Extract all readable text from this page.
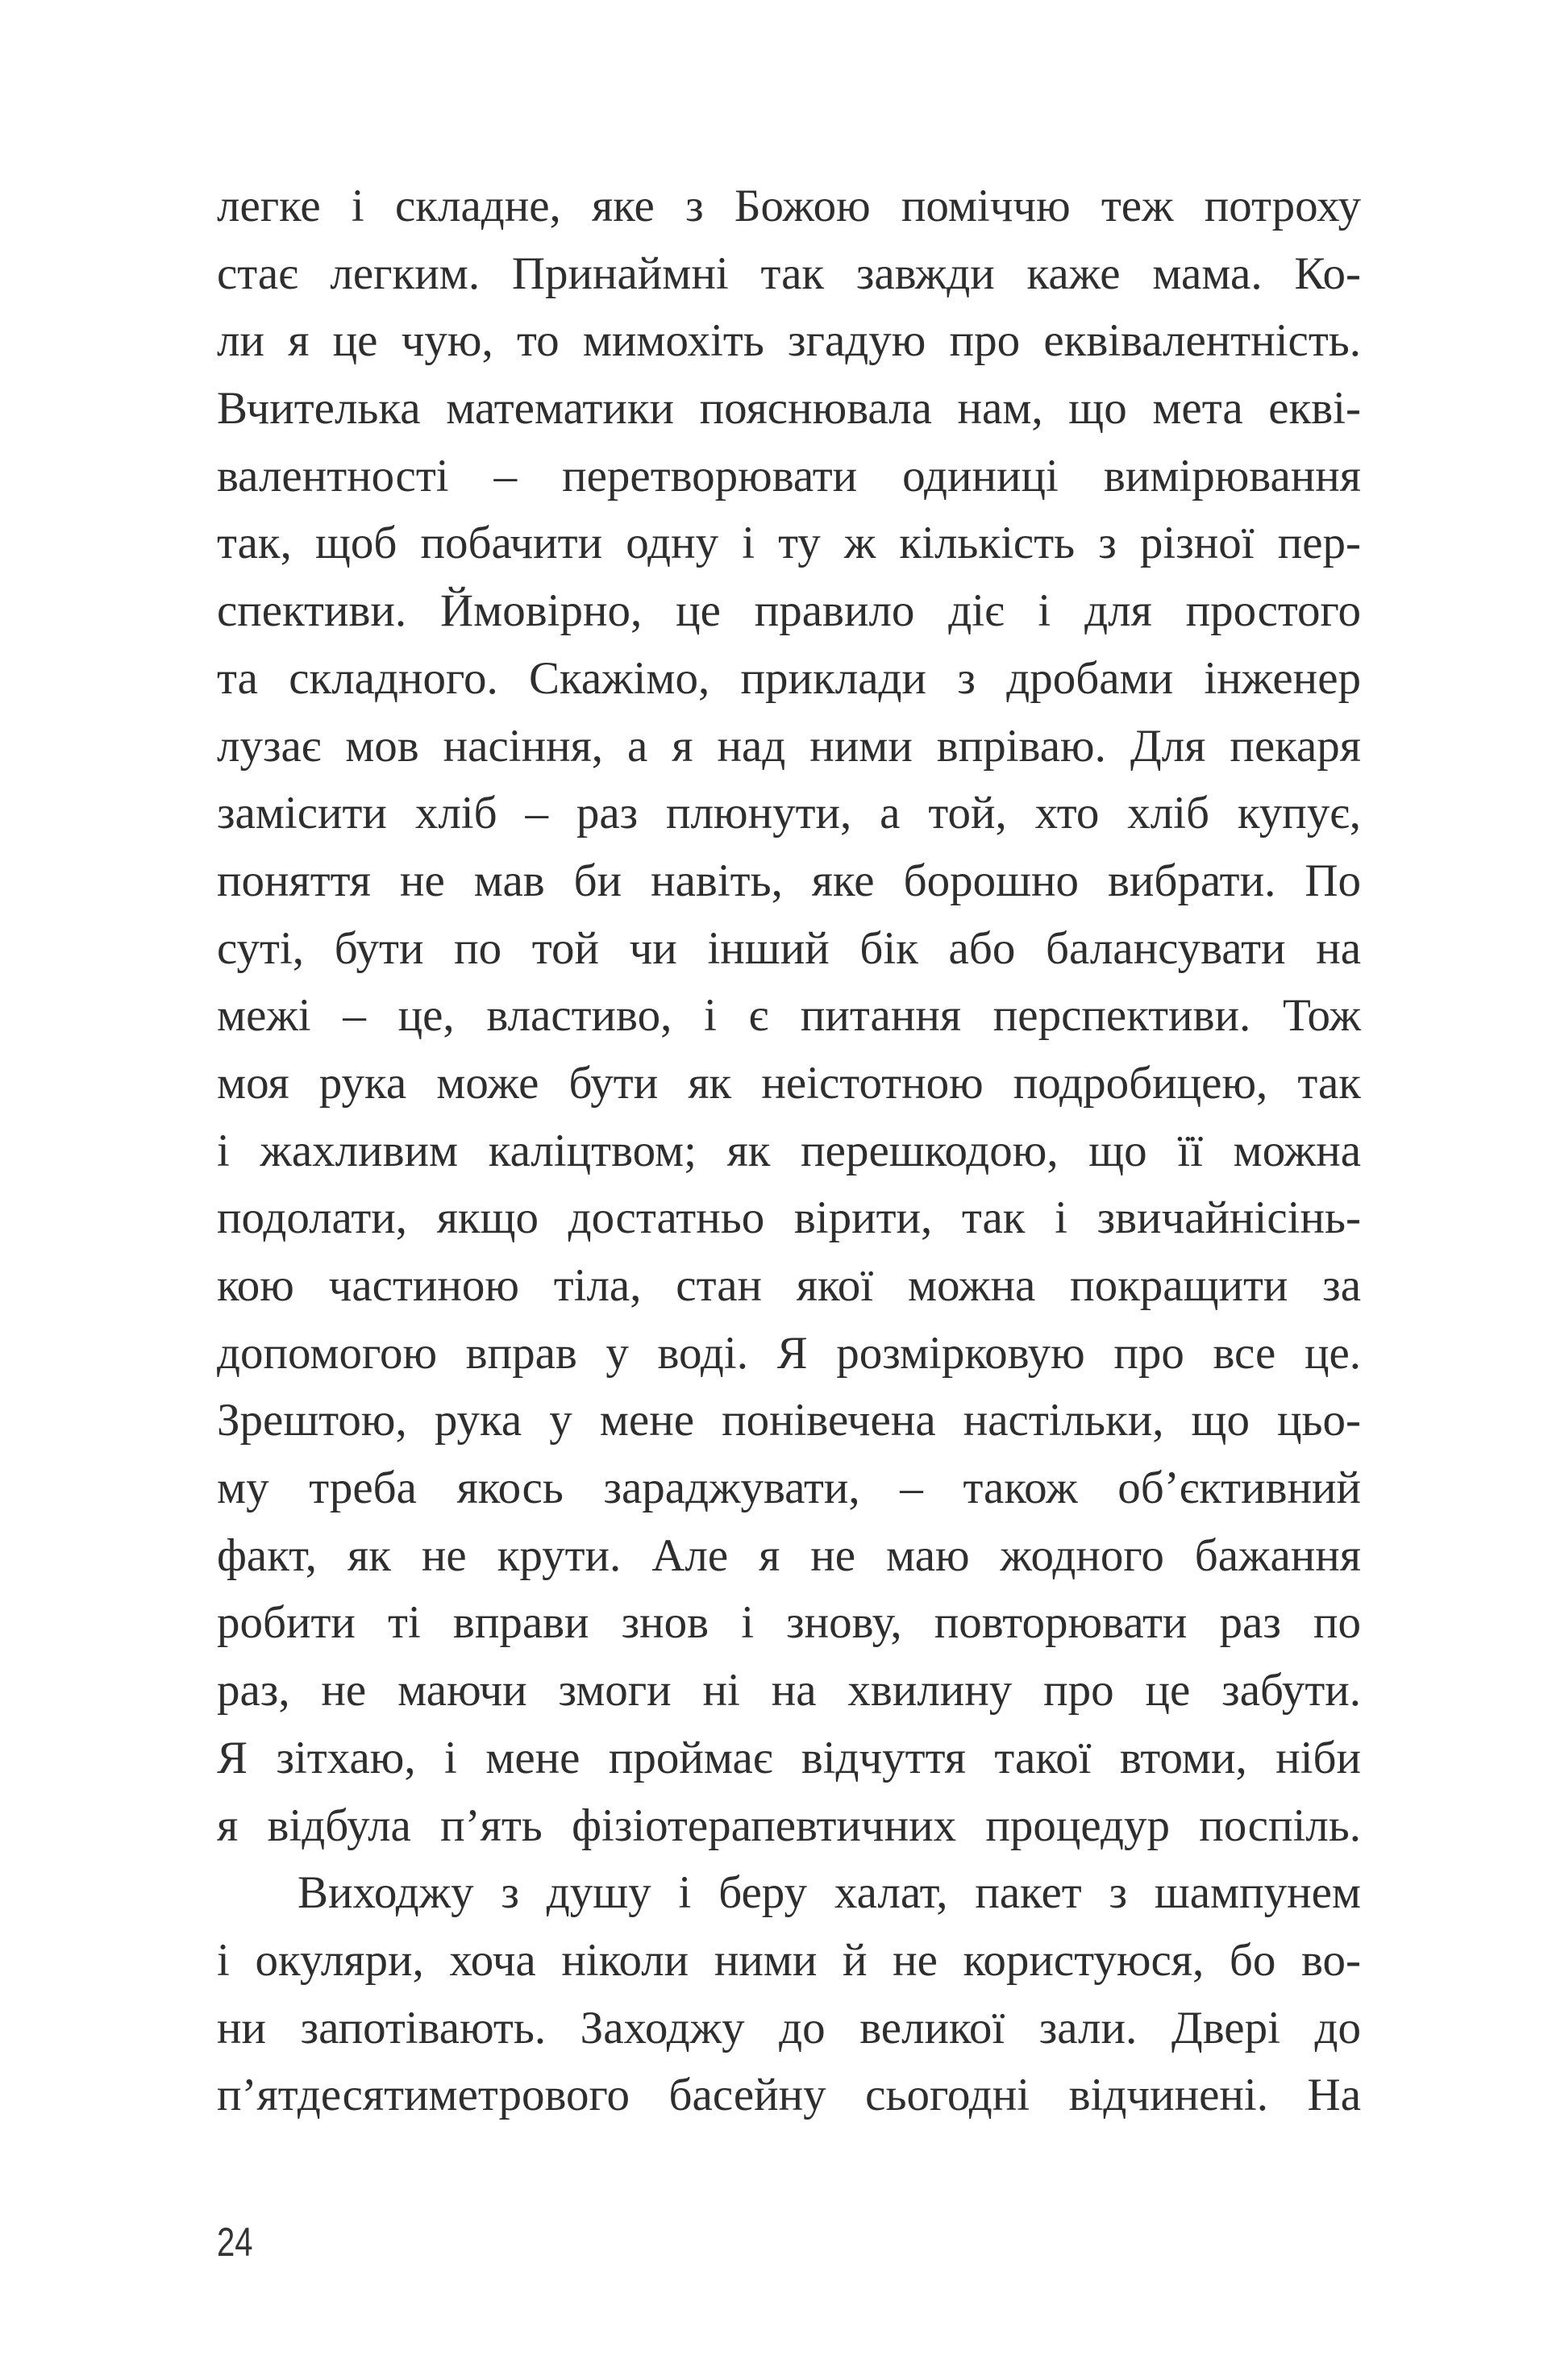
легке і складне, яке з Божою поміччю теж потроху
стає легким. Принаймні так завжди каже мама. Ко-
ли я це чую, то мимохіть згадую про еквівалентність.
Вчителька математики пояснювала нам, що мета екві-
валентності – перетворювати одиниці вимірювання
так, щоб побачити одну і ту ж кількість з різної пер-
спективи. Ймовірно, це правило діє і для простого
та складного. Скажімо, приклади з дробами інженер
лузає мов насіння, а я над ними впріваю. Для пекаря
замісити хліб – раз плюнути, а той, хто хліб купує,
поняття не мав би навіть, яке борошно вибрати. По
суті, бути по той чи інший бік або балансувати на
межі – це, властиво, і є питання перспективи. Тож
моя рука може бути як неістотною подробицею, так
і жахливим каліцтвом; як перешкодою, що її можна
подолати, якщо достатньо вірити, так і звичайнісінь-
кою частиною тіла, стан якої можна покращити за
допомогою вправ у воді. Я розмірковую про все це.
Зрештою, рука у мене понівечена настільки, що цьо-
му треба якось зараджувати, – також об’єктивний
факт, як не крути. Але я не маю жодного бажання
робити ті вправи знов і знову, повторювати раз по
раз, не маючи змоги ні на хвилину про це забути.
Я зітхаю, і мене проймає відчуття такої втоми, ніби
я відбула п’ять фізіотерапевтичних процедур поспіль.
Виходжу з душу і беру халат, пакет з шампунем
і окуляри, хоча ніколи ними й не користуюся, бо во-
ни запотівають. Заходжу до великої зали. Двері до
п’ятдесятиметрового басейну сьогодні відчинені. На
24
